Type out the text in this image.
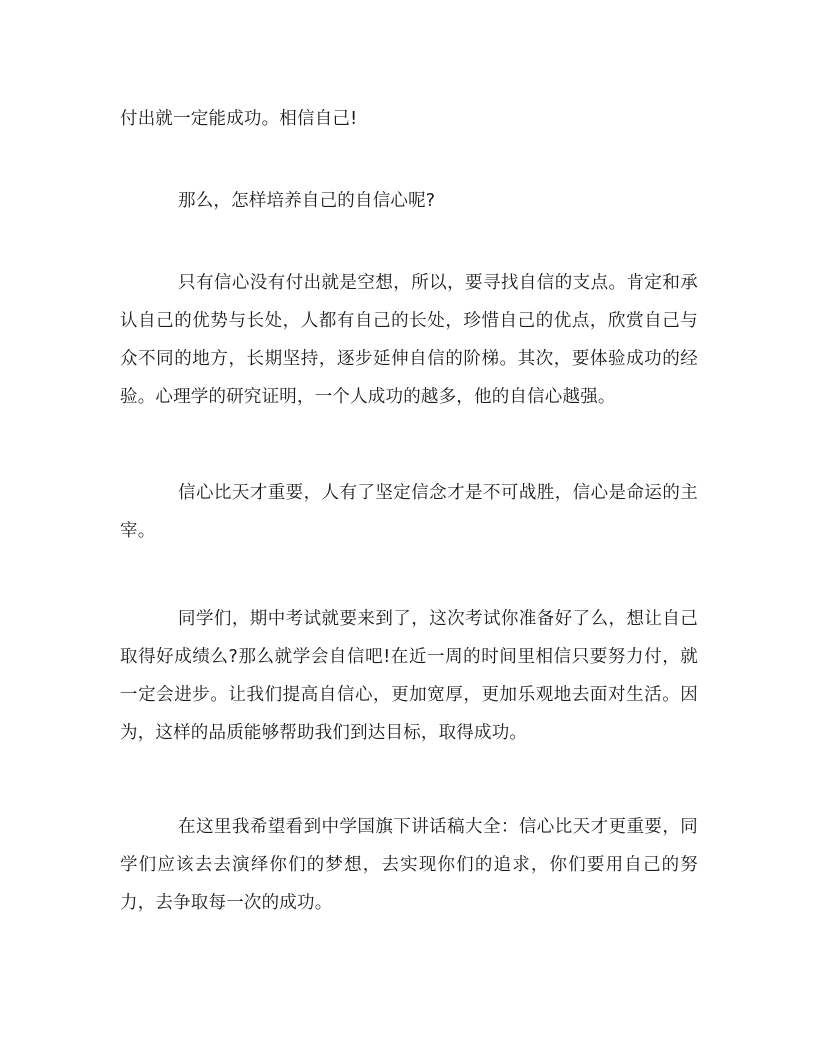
付出就一定能成功。相信自己!

那么，怎样培养自己的自信心呢?

只有信心没有付出就是空想，所以，要寻找自信的支点。肯定和承认自己的优势与长处，人都有自己的长处，珍惜自己的优点，欣赏自己与众不同的地方，长期坚持，逐步延伸自信的阶梯。其次，要体验成功的经验。心理学的研究证明，一个人成功的越多，他的自信心越强。

信心比天才重要，人有了坚定信念才是不可战胜，信心是命运的主宰。

同学们，期中考试就要来到了，这次考试你准备好了么，想让自己取得好成绩么?那么就学会自信吧!在近一周的时间里相信只要努力付，就一定会进步。让我们提高自信心，更加宽厚，更加乐观地去面对生活。因为，这样的品质能够帮助我们到达目标，取得成功。

在这里我希望看到中学国旗下讲话稿大全：信心比天才更重要，同学们应该去去演绎你们的梦想，去实现你们的追求，你们要用自己的努力，去争取每一次的成功。
